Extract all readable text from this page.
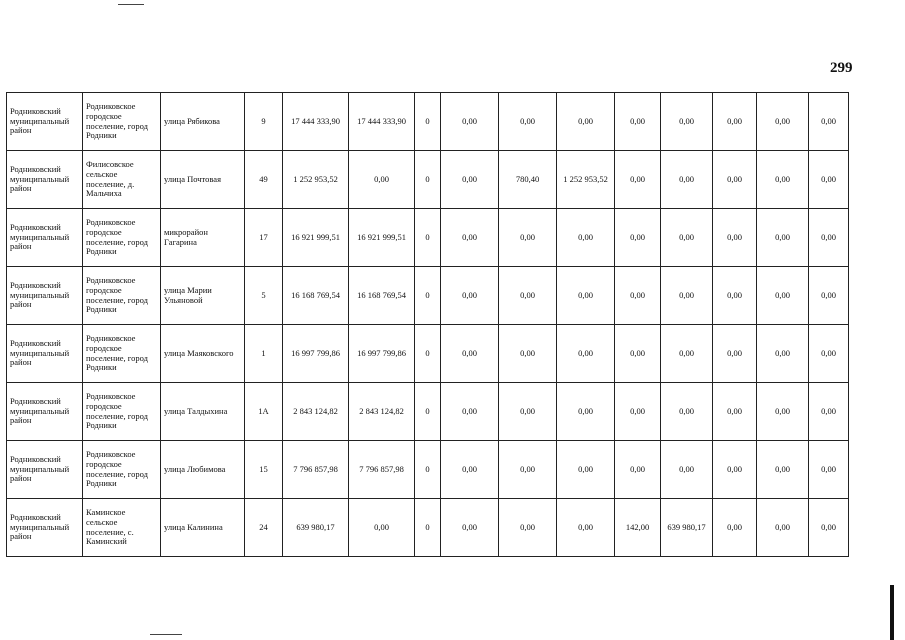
299
Родниковский муниципальный район	Родниковское городское поселение, город Родники	улица Рябикова	9	17 444 333,90	17 444 333,90	0	0,00	0,00	0,00	0,00	0,00	0,00	0,00	0,00
Родниковский муниципальный район	Филисовское сельское поселение, д. Мальчиха	улица Почтовая	49	1 252 953,52	0,00	0	0,00	780,40	1 252 953,52	0,00	0,00	0,00	0,00	0,00
Родниковский муниципальный район	Родниковское городское поселение, город Родники	микрорайон Гагарина	17	16 921 999,51	16 921 999,51	0	0,00	0,00	0,00	0,00	0,00	0,00	0,00	0,00
Родниковский муниципальный район	Родниковское городское поселение, город Родники	улица Марии Ульяновой	5	16 168 769,54	16 168 769,54	0	0,00	0,00	0,00	0,00	0,00	0,00	0,00	0,00
Родниковский муниципальный район	Родниковское городское поселение, город Родники	улица Маяковского	1	16 997 799,86	16 997 799,86	0	0,00	0,00	0,00	0,00	0,00	0,00	0,00	0,00
Родниковский муниципальный район	Родниковское городское поселение, город Родники	улица Талдыхина	1А	2 843 124,82	2 843 124,82	0	0,00	0,00	0,00	0,00	0,00	0,00	0,00	0,00
Родниковский муниципальный район	Родниковское городское поселение, город Родники	улица Любимова	15	7 796 857,98	7 796 857,98	0	0,00	0,00	0,00	0,00	0,00	0,00	0,00	0,00
Родниковский муниципальный район	Каминское сельское поселение, с. Каминский	улица Калинина	24	639 980,17	0,00	0	0,00	0,00	0,00	142,00	639 980,17	0,00	0,00	0,00
